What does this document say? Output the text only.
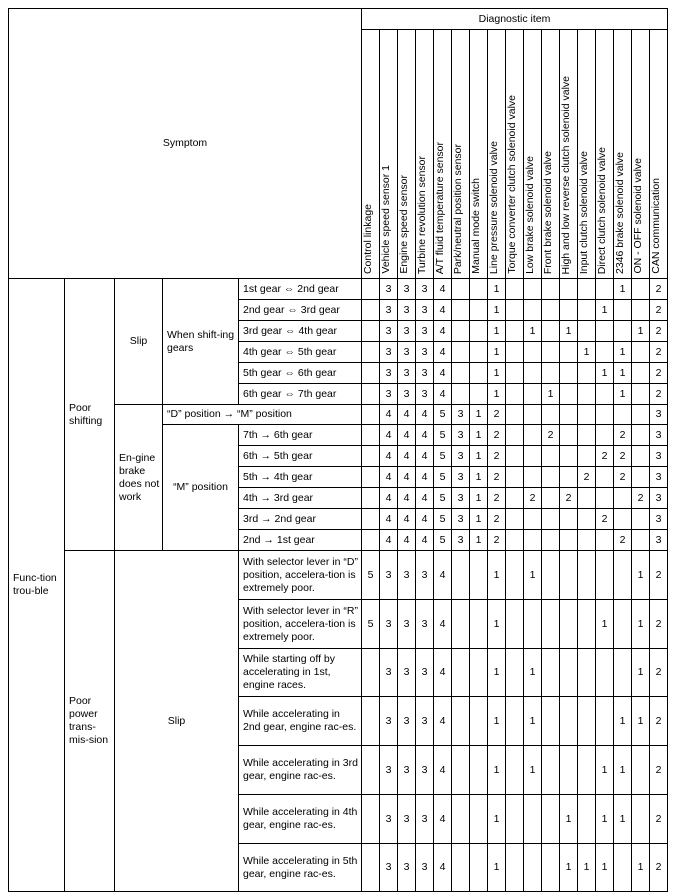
Symptom					Diagnostic item																
					Control linkage	Vehicle speed sensor 1	Engine speed sensor	Turbine revolution sensor	A/T fluid temperature sensor	Park/neutral position sensor	Manual mode switch	Line pressure solenoid valve	Torque converter clutch solenoid valve	Low brake solenoid valve	Front brake solenoid valve	High and low reverse clutch solenoid valve	Input clutch solenoid valve	Direct clutch solenoid valve	2346 brake solenoid valve	ON - OFF solenoid valve	CAN communication
Func-tion trou-ble	Poor shifting	Slip	When shift-ing gears	1st gear ⇔ 2nd gear		3	3	3	4			1							1		2
				2nd gear ⇔ 3rd gear		3	3	3	4			1						1			2
				3rd gear ⇔ 4th gear		3	3	3	4			1		1		1				1	2
				4th gear ⇔ 5th gear		3	3	3	4			1					1		1		2
				5th gear ⇔ 6th gear		3	3	3	4			1						1	1		2
				6th gear ⇔ 7th gear		3	3	3	4			1			1				1		2
		En-gine brake does not work	“D” position → “M” position			4	4	4	5	3	1	2									3
			“M” position	7th → 6th gear		4	4	4	5	3	1	2			2				2		3
				6th → 5th gear		4	4	4	5	3	1	2						2	2		3
				5th → 4th gear		4	4	4	5	3	1	2					2		2		3
				4th → 3rd gear		4	4	4	5	3	1	2		2		2				2	3
				3rd → 2nd gear		4	4	4	5	3	1	2						2			3
				2nd → 1st gear		4	4	4	5	3	1	2							2		3
	Poor power trans-mis-sion	Slip		With selector lever in “D” position, accelera-tion is extremely poor.	5	3	3	3	4			1		1						1	2
				With selector lever in “R” position, accelera-tion is extremely poor.	5	3	3	3	4			1						1		1	2
				While starting off by accelerating in 1st, engine races.		3	3	3	4			1		1						1	2
				While accelerating in 2nd gear, engine rac-es.		3	3	3	4			1		1					1	1	2
				While accelerating in 3rd gear, engine rac-es.		3	3	3	4			1		1				1	1		2
				While accelerating in 4th gear, engine rac-es.		3	3	3	4			1				1		1	1		2
				While accelerating in 5th gear, engine rac-es.		3	3	3	4			1				1	1	1		1	2
